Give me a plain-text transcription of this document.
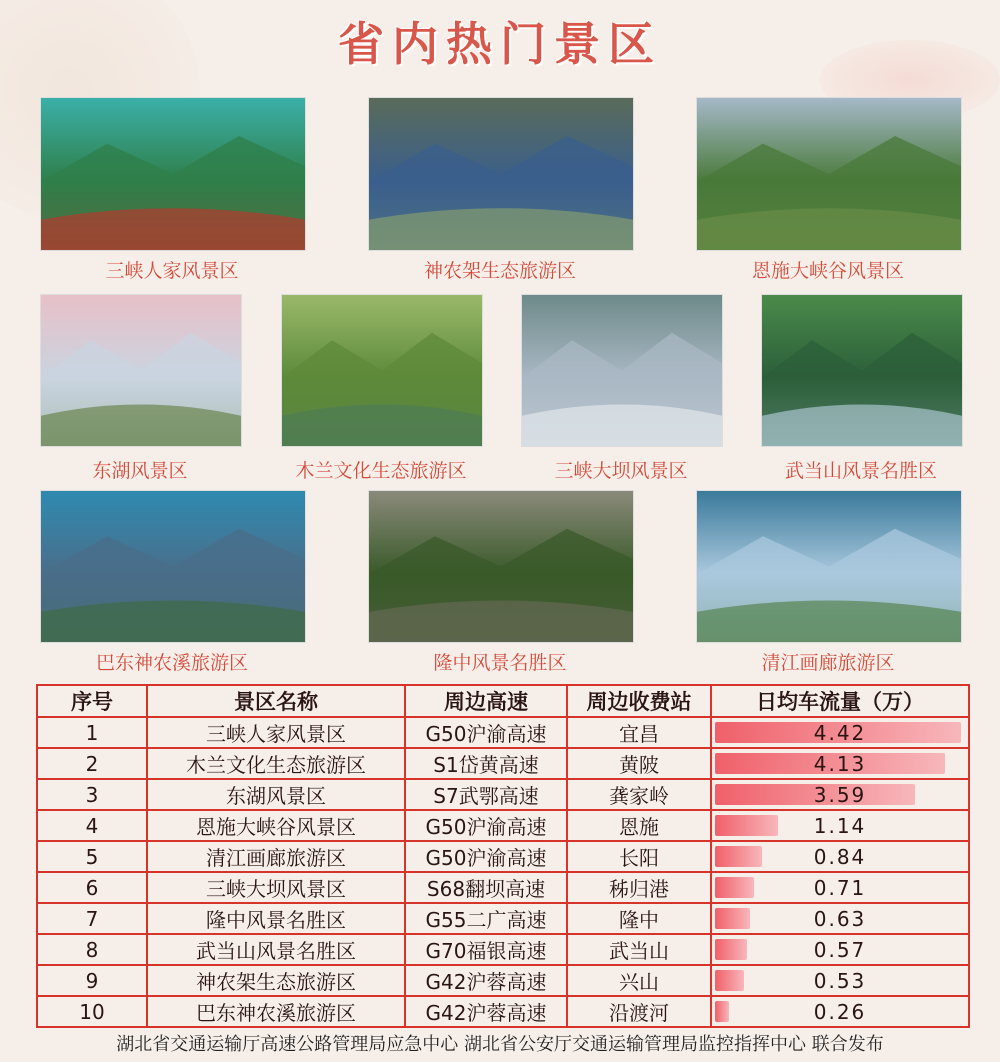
省内热门景区
三峡人家风景区	神农架生态旅游区	恩施大峡谷风景区
东湖风景区	木兰文化生态旅游区	三峡大坝风景区	武当山风景名胜区
巴东神农溪旅游区	隆中风景名胜区	清江画廊旅游区
序号	景区名称	周边高速	周边收费站	日均车流量（万）
1	三峡人家风景区	G50沪渝高速	宜昌	4.42
2	木兰文化生态旅游区	S1岱黄高速	黄陂	4.13
3	东湖风景区	S7武鄂高速	龚家岭	3.59
4	恩施大峡谷风景区	G50沪渝高速	恩施	1.14
5	清江画廊旅游区	G50沪渝高速	长阳	0.84
6	三峡大坝风景区	S68翻坝高速	秭归港	0.71
7	隆中风景名胜区	G55二广高速	隆中	0.63
8	武当山风景名胜区	G70福银高速	武当山	0.57
9	神农架生态旅游区	G42沪蓉高速	兴山	0.53
10	巴东神农溪旅游区	G42沪蓉高速	沿渡河	0.26
湖北省交通运输厅高速公路管理局应急中心 湖北省公安厅交通运输管理局监控指挥中心 联合发布
